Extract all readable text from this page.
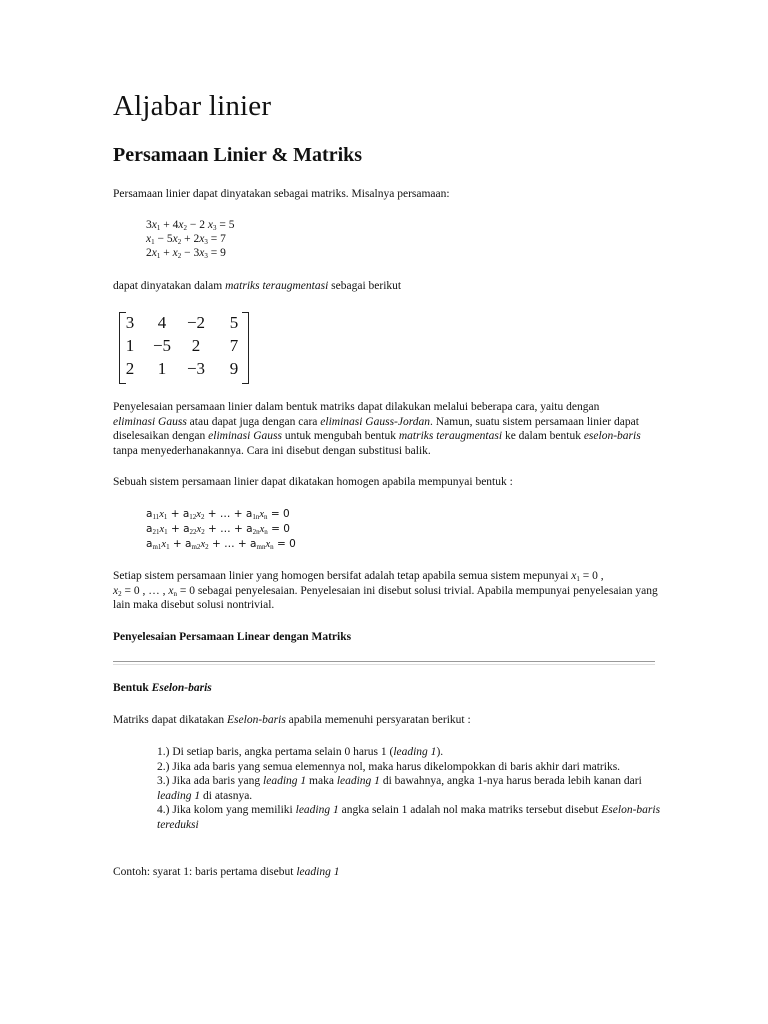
Aljabar linier
Persamaan Linier & Matriks

Persamaan linier dapat dinyatakan sebagai matriks. Misalnya persamaan:

$3x_1 + 4x_2 - 2$ $x_3 = 5$
$x_1 - 5x_2 + 2x_3 = 7$
$2x_1 + x_2 - 3x_3 = 9$

dapat dinyatakan dalam matriks teraugmentasi sebagai berikut

3	4	−2	5
1	−5	2	7
2	1	−3	9

Penyelesaian persamaan linier dalam bentuk matriks dapat dilakukan melalui beberapa cara, yaitu dengan
eliminasi Gauss atau dapat juga dengan cara eliminasi Gauss-Jordan. Namun, suatu sistem persamaan linier dapat diselesaikan dengan eliminasi Gauss untuk mengubah bentuk matriks teraugmentasi ke dalam bentuk eselon-baris tanpa menyederhanakannya. Cara ini disebut dengan substitusi balik.

Sebuah sistem persamaan linier dapat dikatakan homogen apabila mempunyai bentuk :

$a_{11}x_1 + a_{12}x_2$ + … + $a_{1n}x_n = 0$
$a_{21}x_1 + a_{22}x_2$ + … + $a_{2n}x_n = 0$
$a_{m1}x_1 + a_{m2}x_2$ + … + $a_{mn}x_n = 0$

Setiap sistem persamaan linier yang homogen bersifat adalah tetap apabila semua sistem mepunyai $x_1 = 0$ ,
$x_2 = 0$ , … , $x_n = 0$ sebagai penyelesaian. Penyelesaian ini disebut solusi trivial. Apabila mempunyai penyelesaian yang lain maka disebut solusi nontrivial.

Penyelesaian Persamaan Linear dengan Matriks
Bentuk Eselon-baris

Matriks dapat dikatakan Eselon-baris apabila memenuhi persyaratan berikut :

1.) Di setiap baris, angka pertama selain 0 harus 1 (leading 1).
2.) Jika ada baris yang semua elemennya nol, maka harus dikelompokkan di baris akhir dari matriks.
3.) Jika ada baris yang leading 1 maka leading 1 di bawahnya, angka 1-nya harus berada lebih kanan dari leading 1 di atasnya.
4.) Jika kolom yang memiliki leading 1 angka selain 1 adalah nol maka matriks tersebut disebut Eselon-baris tereduksi

Contoh: syarat 1: baris pertama disebut leading 1
